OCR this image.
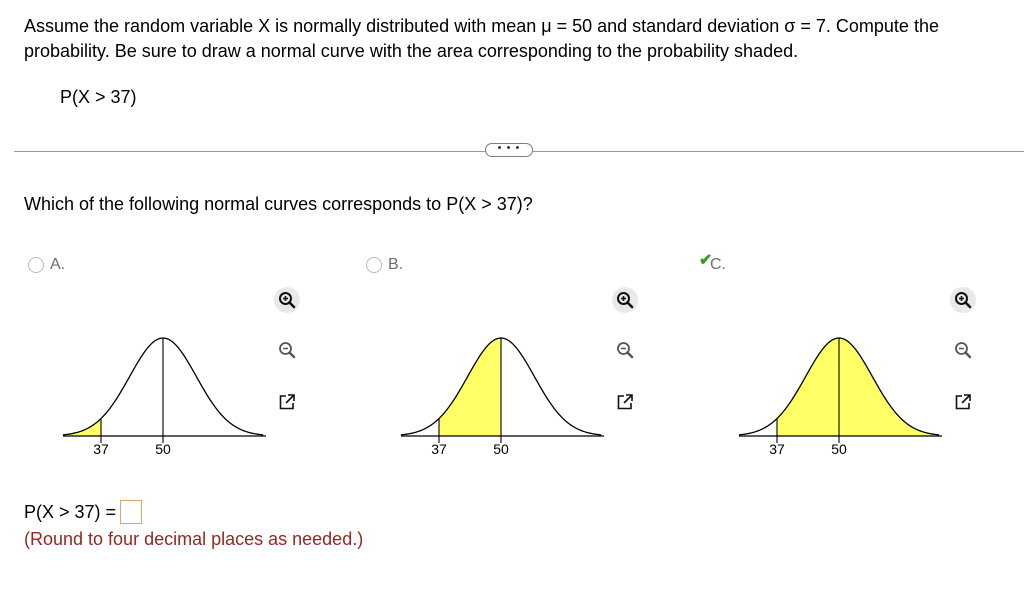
Assume the random variable X is normally distributed with mean μ = 50 and standard deviation σ = 7. Compute the probability. Be sure to draw a normal curve with the area corresponding to the probability shaded.
P(X > 37)
• • •
Which of the following normal curves corresponds to P(X > 37)?
A.	B.	✔
C.
37	50	37	50	37	50
P(X > 37) =
(Round to four decimal places as needed.)
